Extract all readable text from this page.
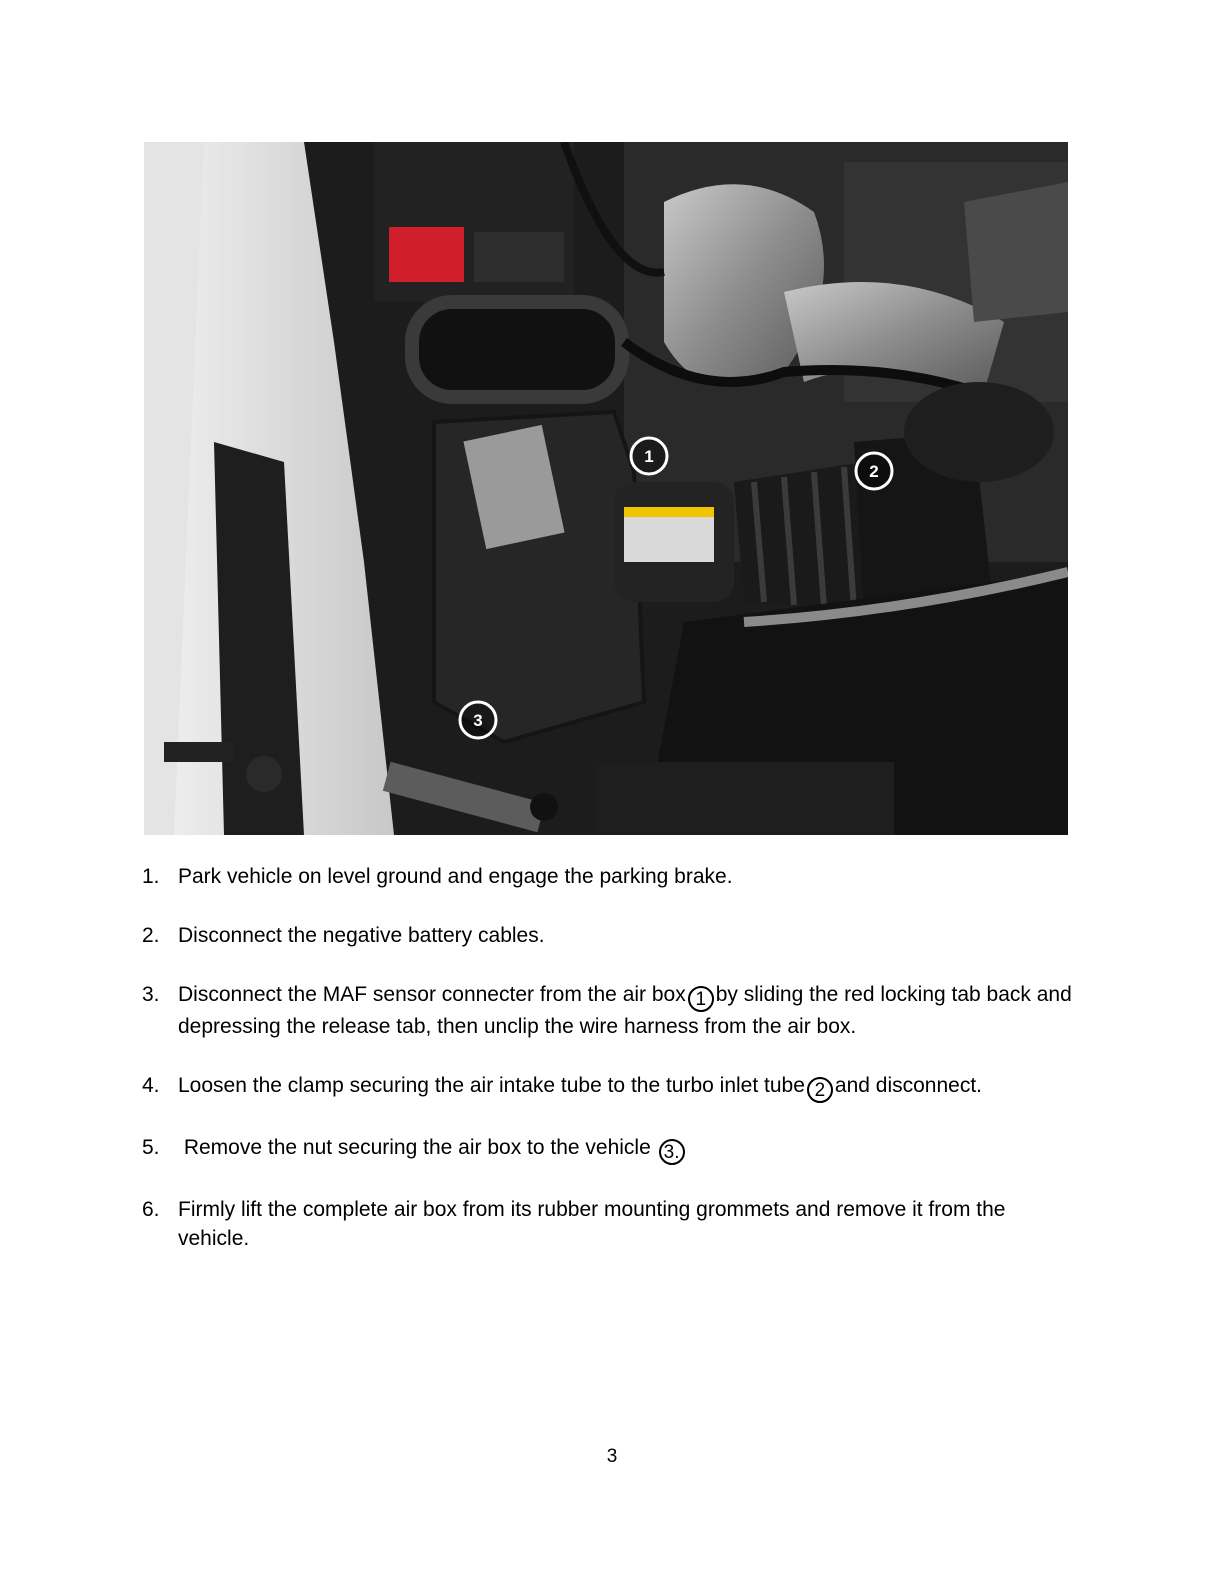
1
2
3
1. Park vehicle on level ground and engage the parking brake.
2. Disconnect the negative battery cables.
3. Disconnect the MAF sensor connecter from the air box 1 by sliding the red locking tab back and depressing the release tab, then unclip the wire harness from the air box.
4. Loosen the clamp securing the air intake tube to the turbo inlet tube 2 and disconnect.
5. Remove the nut securing the air box to the vehicle 3.
6. Firmly lift the complete air box from its rubber mounting grommets and remove it from the vehicle.
3
